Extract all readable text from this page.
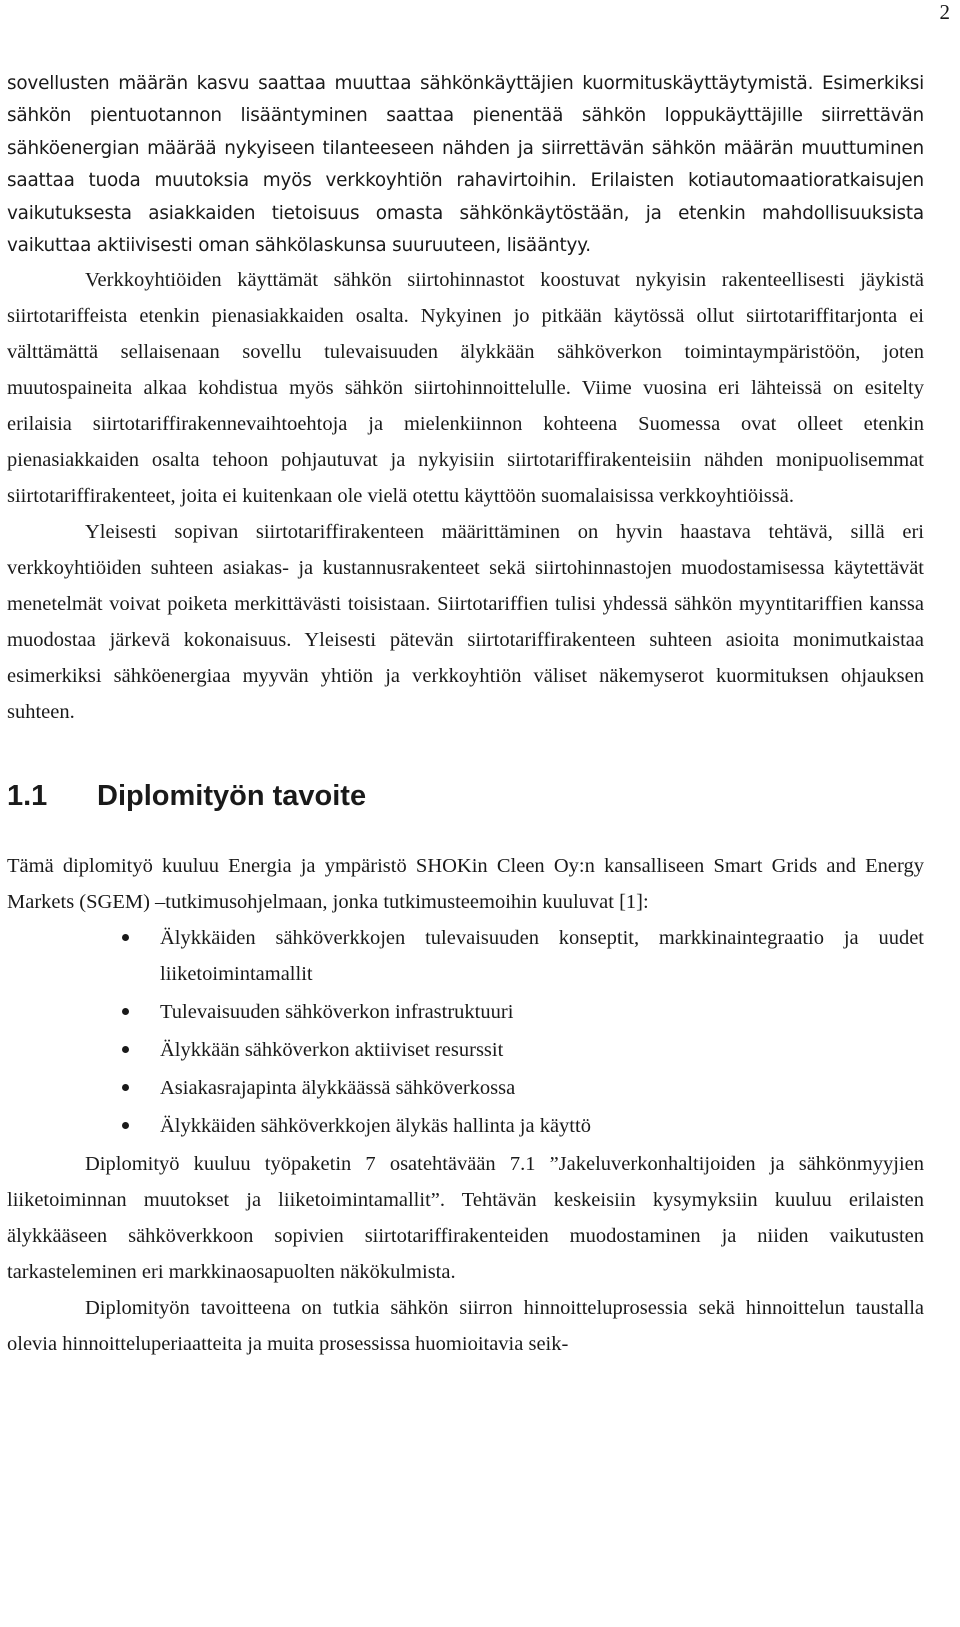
2

sovellusten määrän kasvu saattaa muuttaa sähkönkäyttäjien kuormituskäyttäytymistä. Esimerkiksi sähkön pientuotannon lisääntyminen saattaa pienentää sähkön loppukäyttäjille siirrettävän sähköenergian määrää nykyiseen tilanteeseen nähden ja siirrettävän sähkön määrän muuttuminen saattaa tuoda muutoksia myös verkkoyhtiön rahavirtoihin. Erilaisten kotiautomaatioratkaisujen vaikutuksesta asiakkaiden tietoisuus omasta sähkönkäytöstään, ja etenkin mahdollisuuksista vaikuttaa aktiivisesti oman sähkölaskunsa suuruuteen, lisääntyy.

Verkkoyhtiöiden käyttämät sähkön siirtohinnastot koostuvat nykyisin rakenteellisesti jäykistä siirtotariffeista etenkin pienasiakkaiden osalta. Nykyinen jo pitkään käytössä ollut siirtotariffitarjonta ei välttämättä sellaisenaan sovellu tulevaisuuden älykkään sähköverkon toimintaympäristöön, joten muutospaineita alkaa kohdistua myös sähkön siirtohinnoittelulle. Viime vuosina eri lähteissä on esitelty erilaisia siirtotariffirakennevaihtoehtoja ja mielenkiinnon kohteena Suomessa ovat olleet etenkin pienasiakkaiden osalta tehoon pohjautuvat ja nykyisiin siirtotariffirakenteisiin nähden monipuolisemmat siirtotariffirakenteet, joita ei kuitenkaan ole vielä otettu käyttöön suomalaisissa verkkoyhtiöissä.

Yleisesti sopivan siirtotariffirakenteen määrittäminen on hyvin haastava tehtävä, sillä eri verkkoyhtiöiden suhteen asiakas- ja kustannusrakenteet sekä siirtohinnastojen muodostamisessa käytettävät menetelmät voivat poiketa merkittävästi toisistaan. Siirtotariffien tulisi yhdessä sähkön myyntitariffien kanssa muodostaa järkevä kokonaisuus. Yleisesti pätevän siirtotariffirakenteen suhteen asioita monimutkaistaa esimerkiksi sähköenergiaa myyvän yhtiön ja verkkoyhtiön väliset näkemyserot kuormituksen ohjauksen suhteen.

1.1	Diplomityön tavoite

Tämä diplomityö kuuluu Energia ja ympäristö SHOKin Cleen Oy:n kansalliseen Smart Grids and Energy Markets (SGEM) –tutkimusohjelmaan, jonka tutkimusteemoihin kuuluvat [1]:

Älykkäiden sähköverkkojen tulevaisuuden konseptit, markkinaintegraatio ja uudet liiketoimintamallit
Tulevaisuuden sähköverkon infrastruktuuri
Älykkään sähköverkon aktiiviset resurssit
Asiakasrajapinta älykkäässä sähköverkossa
Älykkäiden sähköverkkojen älykäs hallinta ja käyttö

Diplomityö kuuluu työpaketin 7 osatehtävään 7.1 ”Jakeluverkonhaltijoiden ja sähkönmyyjien liiketoiminnan muutokset ja liiketoimintamallit”. Tehtävän keskeisiin kysymyksiin kuuluu erilaisten älykkääseen sähköverkkoon sopivien siirtotariffirakenteiden muodostaminen ja niiden vaikutusten tarkasteleminen eri markkinaosapuolten näkökulmista.

Diplomityön tavoitteena on tutkia sähkön siirron hinnoitteluprosessia sekä hinnoittelun taustalla olevia hinnoitteluperiaatteita ja muita prosessissa huomioitavia seik-
